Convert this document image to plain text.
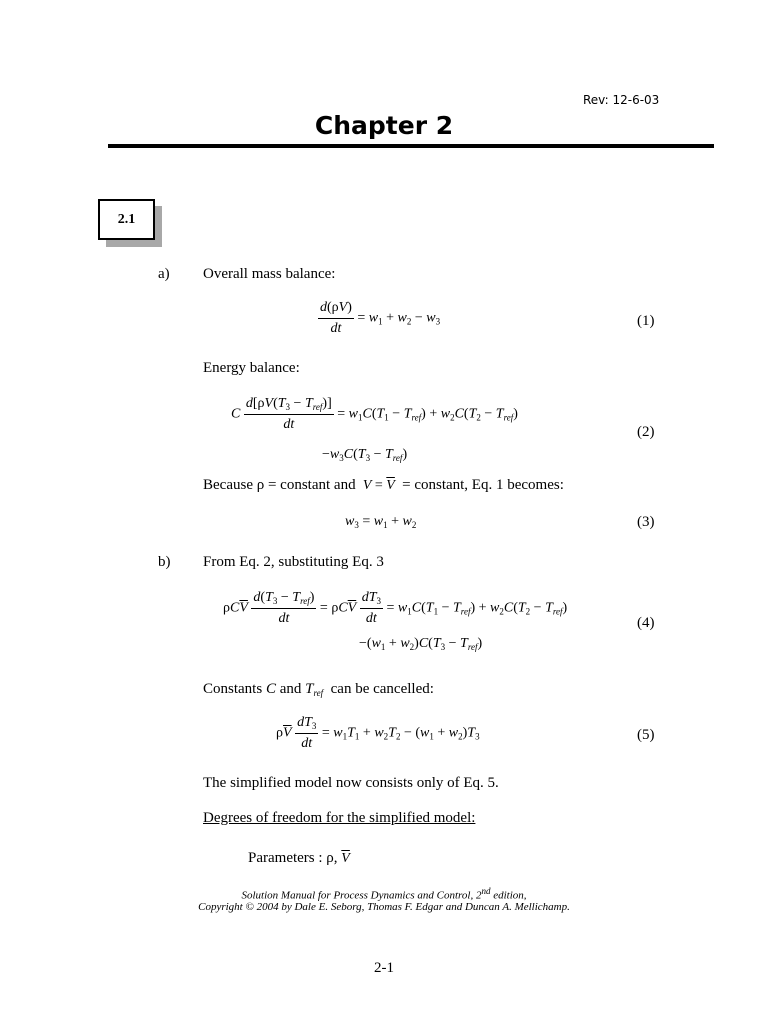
Rev: 12-6-03
Chapter 2
2.1
a) Overall mass balance:
$\frac{d(\rho V)}{dt} = w_1 + w_2 - w_3$	(1)
Energy balance:
C $\frac{d[\rho V(T_3 - T_{ref})]}{dt} = w_1C(T_1 - T_{ref}) + w_2C(T_2 - T_{ref})$
$-w_3C(T_3 - T_{ref})$
(2)
Because ρ = constant and $V = \overline{V}$ = constant, Eq. 1 becomes:
$w_3 = w_1 + w_2$	(3)
b) From Eq. 2, substituting Eq. 3
$\rho C\overline{V} \frac{d(T_3 - T_{ref})}{dt} = \rho C\overline{V} \frac{dT_3}{dt} = w_1C(T_1 - T_{ref}) + w_2C(T_2 - T_{ref})$
$-(w_1 + w_2)C(T_3 - T_{ref})$
(4)
Constants C and $T_{ref}$ can be cancelled:
$\rho\overline{V} \frac{dT_3}{dt} = w_1T_1 + w_2T_2 - (w_1 + w_2)T_3$	(5)
The simplified model now consists only of Eq. 5.
Degrees of freedom for the simplified model:
Parameters : ρ, $\overline{V}$
Solution Manual for Process Dynamics and Control, 2nd edition,
Copyright © 2004 by Dale E. Seborg, Thomas F. Edgar and Duncan A. Mellichamp.
2-1
